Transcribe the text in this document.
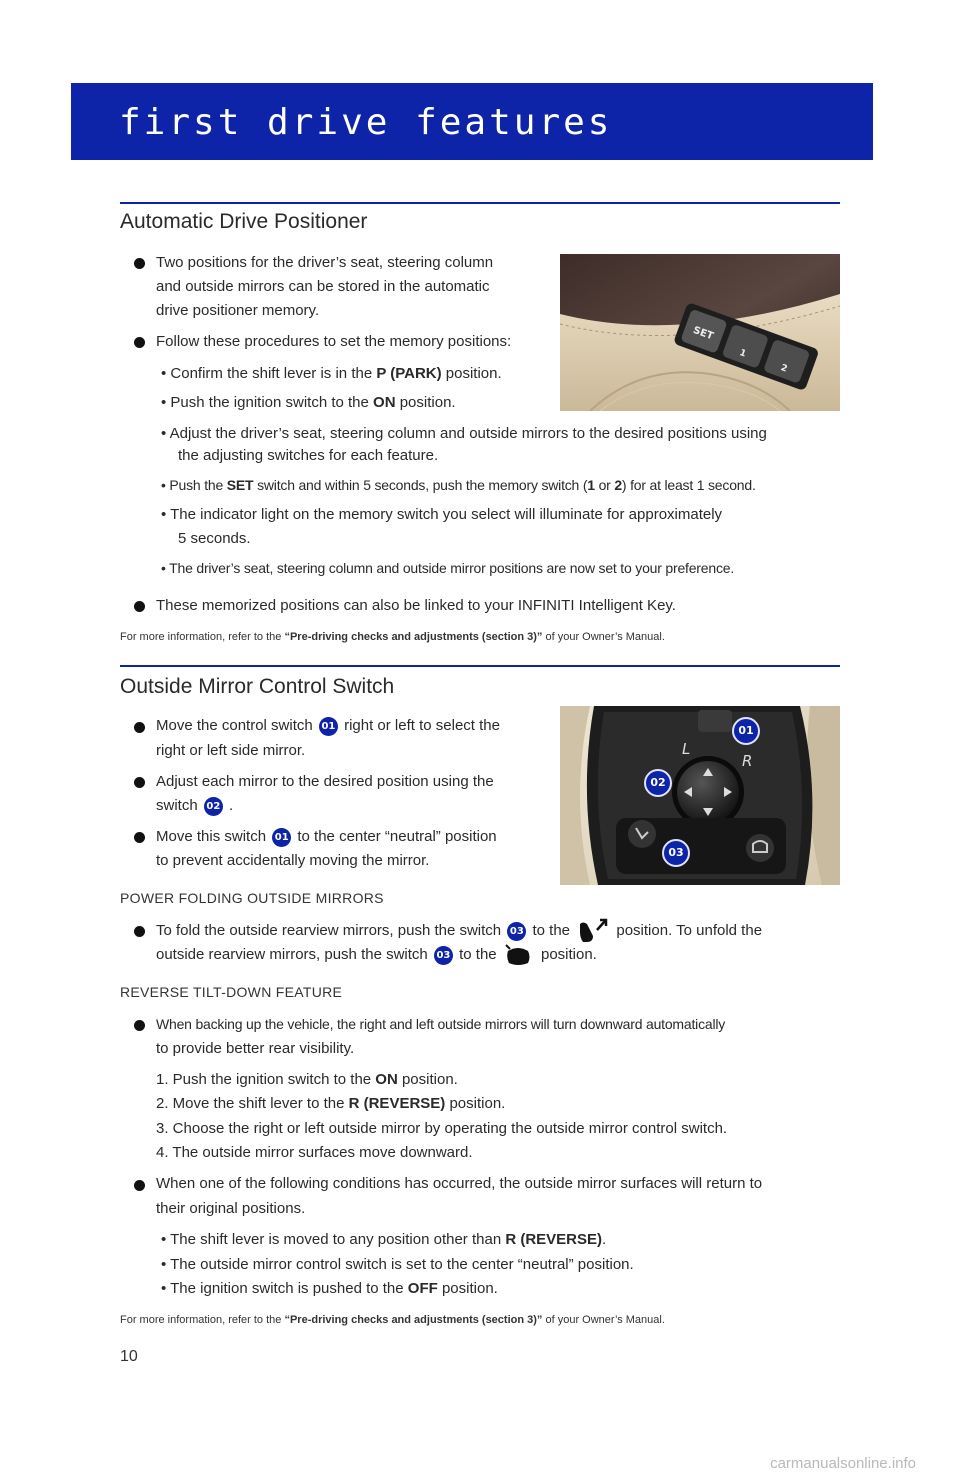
first drive features
Automatic Drive Positioner
Two positions for the driver’s seat, steering column
and outside mirrors can be stored in the automatic
drive positioner memory.
Follow these procedures to set the memory positions:
• Confirm the shift lever is in the P (PARK) position.
• Push the ignition switch to the ON position.
• Adjust the driver’s seat, steering column and outside mirrors to the desired positions using
the adjusting switches for each feature.
• Push the SET switch and within 5 seconds, push the memory switch (1 or 2) for at least 1 second.
• The indicator light on the memory switch you select will illuminate for approximately
5 seconds.
• The driver’s seat, steering column and outside mirror positions are now set to your preference.
These memorized positions can also be linked to your INFINITI Intelligent Key.
For more information, refer to the “Pre-driving checks and adjustments (section 3)” of your Owner’s Manual.
SET
1
2
Outside Mirror Control Switch
Move the control switch 01 right or left to select the
right or left side mirror.
Adjust each mirror to the desired position using the
switch 02 .
Move this switch 01 to the center “neutral” position
to prevent accidentally moving the mirror.
L
R
01
02
03
POWER FOLDING OUTSIDE MIRRORS
To fold the outside rearview mirrors, push the switch 03 to the	position. To unfold the
outside rearview mirrors, push the switch 03 to the  position.
REVERSE TILT-DOWN FEATURE
When backing up the vehicle, the right and left outside mirrors will turn downward automatically
to provide better rear visibility.
1. Push the ignition switch to the ON position.
2. Move the shift lever to the R (REVERSE) position.
3. Choose the right or left outside mirror by operating the outside mirror control switch.
4. The outside mirror surfaces move downward.
When one of the following conditions has occurred, the outside mirror surfaces will return to
their original positions.
• The shift lever is moved to any position other than R (REVERSE).
• The outside mirror control switch is set to the center “neutral” position.
• The ignition switch is pushed to the OFF position.
For more information, refer to the “Pre-driving checks and adjustments (section 3)” of your Owner’s Manual.
10
carmanualsonline.info
